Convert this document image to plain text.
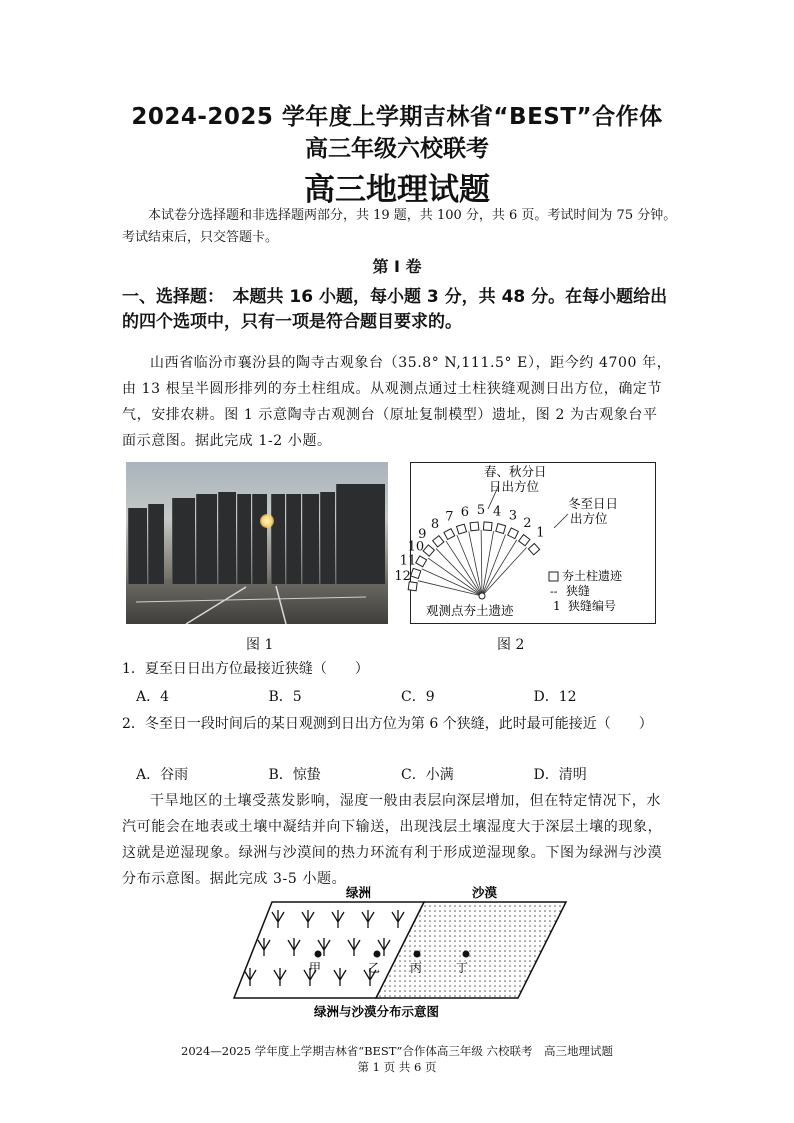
2024-2025 学年度上学期吉林省“BEST”合作体
高三年级六校联考
高三地理试题
本试卷分选择题和非选择题两部分，共 19 题，共 100 分，共 6 页。考试时间为 75 分钟。考试结束后，只交答题卡。
第 I 卷
一、选择题：　本题共 16 小题，每小题 3 分，共 48 分。在每小题给出的四个选项中，只有一项是符合题目要求的。
山西省临汾市襄汾县的陶寺古观象台（35.8° N,111.5° E），距今约 4700 年，由 13 根呈半圆形排列的夯土柱组成。从观测点通过土柱狭缝观测日出方位，确定节气，安排农耕。图 1 示意陶寺古观测台（原址复制模型）遗址，图 2 为古观象台平面示意图。据此完成 1-2 小题。
12
11
10
9
8
7 6 5 4 3 2
1
春、秋分日
日出方位
冬至日日
出方位
夯土柱遗迹
-- 狭缝
1 狭缝编号
观测点夯土遗迹
图 1	图 2
1．夏至日日出方位最接近狭缝（　　）
A．4	B．5	C．9	D．12
2．冬至日一段时间后的某日观测到日出方位为第 6 个狭缝，此时最可能接近（　　）
A．谷雨	B．惊蛰	C．小满	D．清明
干旱地区的土壤受蒸发影响，湿度一般由表层向深层增加，但在特定情况下，水汽可能会在地表或土壤中凝结并向下输送，出现浅层土壤湿度大于深层土壤的现象，这就是逆湿现象。绿洲与沙漠间的热力环流有利于形成逆湿现象。下图为绿洲与沙漠分布示意图。据此完成 3-5 小题。
绿洲	沙漠
甲	乙 丙	丁
绿洲与沙漠分布示意图
2024—2025 学年度上学期吉林省“BEST”合作体高三年级 六校联考　高三地理试题
第 1 页 共 6 页
